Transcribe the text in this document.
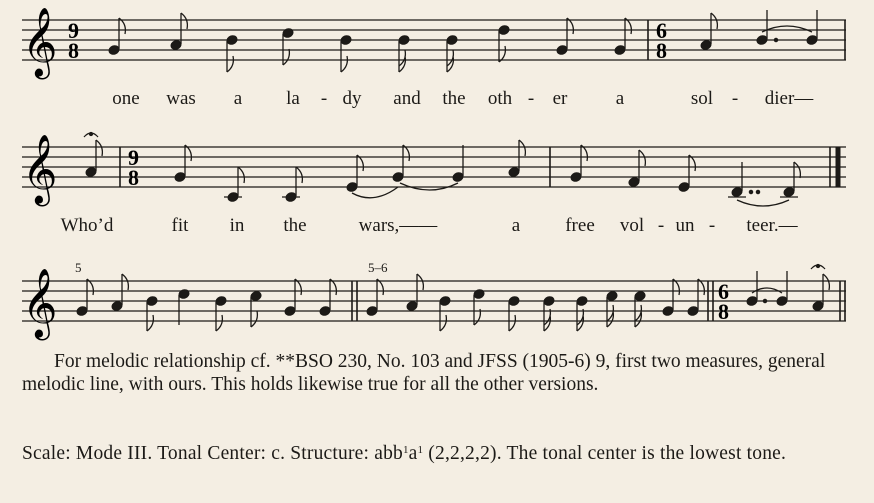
𝄞 9
8
6
8
one was a la - dy and the oth - er	a	sol - dier—
𝄞	9
8
Who’d	fit in the	wars,——	a free vol - un - teer.—
5	5–6
𝄞	6
8

For melodic relationship cf. **BSO 230, No. 103 and JFSS (1905-6) 9, first two measures, general melodic line, with ours. This holds likewise true for all the other versions.

Scale: Mode III. Tonal Center: c. Structure: $abb^1a^1$ (2,2,2,2). The tonal center is the lowest tone.
